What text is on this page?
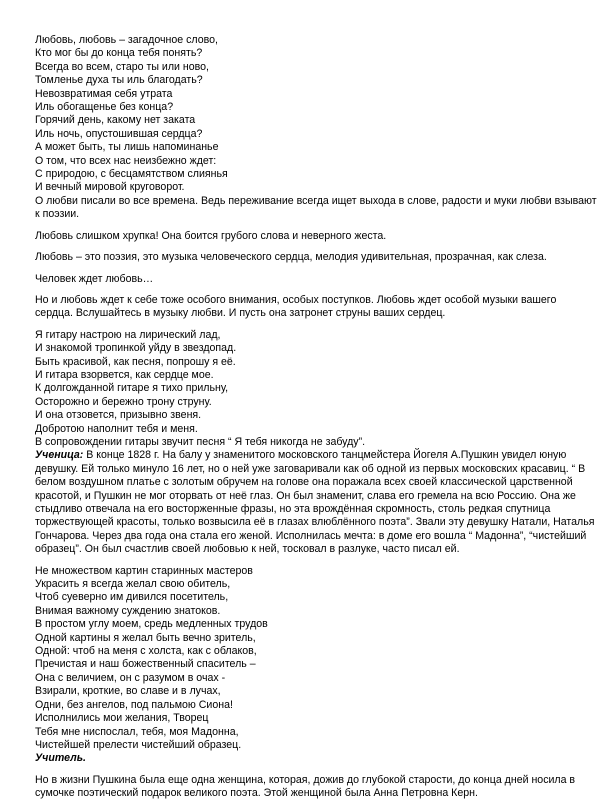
Любовь, любовь – загадочное слово,
Кто мог бы до конца тебя понять?
Всегда во всем, старо ты или ново,
Томленье духа ты иль благодать?
Невозвратимая себя утрата
Иль обогащенье без конца?
Горячий день, какому нет заката
Иль ночь, опустошившая сердца?
А может быть, ты лишь напоминанье
О том, что всех нас неизбежно ждет:
С природою, с бесцамятством слиянья
И вечный мировой круговорот.
О любви писали во все времена. Ведь переживание всегда ищет выхода в слове, радости и муки любви взывают
к поэзии.
Любовь слишком хрупка! Она боится грубого слова и неверного жеста.
Любовь – это поэзия, это музыка человеческого сердца, мелодия удивительная, прозрачная, как слеза.
Человек ждет любовь…
Но и любовь ждет к себе тоже особого внимания, особых поступков. Любовь ждет особой музыки вашего
сердца. Вслушайтесь в музыку любви. И пусть она затронет струны ваших сердец.
Я гитару настрою на лирический лад,
И знакомой тропинкой уйду в звездопад.
Быть красивой, как песня, попрошу я её.
И гитара взорвется, как сердце мое.
К долгожданной гитаре я тихо прильну,
Осторожно и бережно трону струну.
И она отзовется, призывно звеня.
Добротою наполнит тебя и меня.
В сопровождении гитары звучит песня “ Я тебя никогда не забуду”.
Ученица: В конце 1828 г. На балу у знаменитого московского танцмейстера Йогеля А.Пушкин увидел юную
девушку. Ей только минуло 16 лет, но о ней уже заговаривали как об одной из первых московских красавиц. “ В
белом воздушном платье с золотым обручем на голове она поражала всех своей классической царственной
красотой, и Пушкин не мог оторвать от неё глаз. Он был знаменит, слава его гремела на всю Россию. Она же
стыдливо отвечала на его восторженные фразы, но эта врождённая скромность, столь редкая спутница
торжествующей красоты, только возвысила её в глазах влюблённого поэта”. Звали эту девушку Натали, Наталья
Гончарова. Через два года она стала его женой. Исполнилась мечта: в доме его вошла “ Мадонна”, “чистейший
образец”. Он был счастлив своей любовью к ней, тосковал в разлуке, часто писал ей.
Не множеством картин старинных мастеров
Украсить я всегда желал свою обитель,
Чтоб суеверно им дивился посетитель,
Внимая важному суждению знатоков.
В простом углу моем, средь медленных трудов
Одной картины я желал быть вечно зритель,
Одной: чтоб на меня с холста, как с облаков,
Пречистая и наш божественный спаситель –
Она с величием, он с разумом в очах -
Взирали, кроткие, во славе и в лучах,
Одни, без ангелов, под пальмою Сиона!
Исполнились мои желания, Творец
Тебя мне ниспослал, тебя, моя Мадонна,
Чистейшей прелести чистейший образец.
Учитель.
Но в жизни Пушкина была еще одна женщина, которая, дожив до глубокой старости, до конца дней носила в
сумочке поэтический подарок великого поэта. Этой женщиной была Анна Петровна Керн.
